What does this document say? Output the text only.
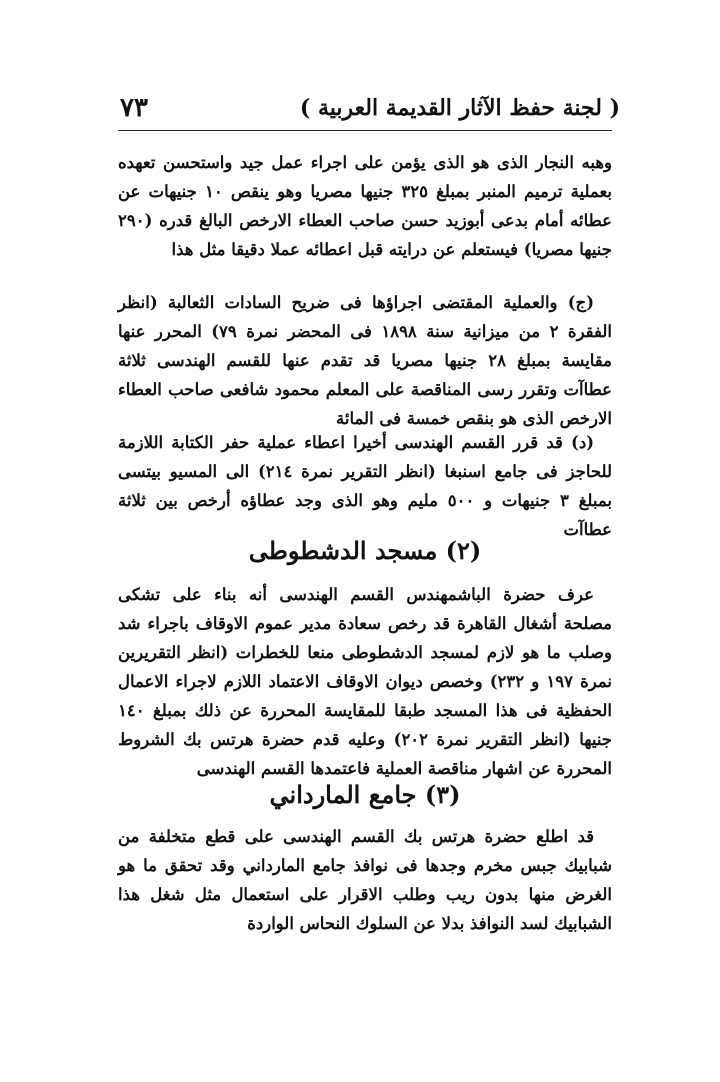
( لجنة حفظ الآثار القديمة العربية )
٧٣

وهبه النجار الذى هو الذى يؤمن على اجراء عمل جيد واستحسن تعهده بعملية ترميم المنبر بمبلغ ٣٢٥ جنيها مصريا وهو ينقص ١٠ جنيهات عن عطائه أمام بدعى أبوزيد حسن صاحب العطاء الارخص البالغ قدره (٢٩٠ جنيها مصريا) فيستعلم عن درايته قبل اعطائه عملا دقيقا مثل هذا

(ج) والعملية المقتضى اجراؤها فى ضريح السادات الثعالبة (انظر الفقرة ٢ من ميزانية سنة ١٨٩٨ فى المحضر نمرة ٧٩) المحرر عنها مقايسة بمبلغ ٢٨ جنيها مصريا قد تقدم عنها للقسم الهندسى ثلاثة عطاآت وتقرر رسى المناقصة على المعلم محمود شافعى صاحب العطاء الارخص الذى هو بنقص خمسة فى المائة

(د) قد قرر القسم الهندسى أخيرا اعطاء عملية حفر الكتابة اللازمة للحاجز فى جامع اسنبغا (انظر التقرير نمرة ٢١٤) الى المسيو بيتسى بمبلغ ٣ جنيهات و ٥٠٠ مليم وهو الذى وجد عطاؤه أرخص بين ثلاثة عطاآت

(٢) مسجد الدشطوطى

عرف حضرة الباشمهندس القسم الهندسى أنه بناء على تشكى مصلحة أشغال القاهرة قد رخص سعادة مدير عموم الاوقاف باجراء شد وصلب ما هو لازم لمسجد الدشطوطى منعا للخطرات (انظر التقريرين نمرة ١٩٧ و ٢٣٢) وخصص ديوان الاوقاف الاعتماد اللازم لاجراء الاعمال الحفظية فى هذا المسجد طبقا للمقايسة المحررة عن ذلك بمبلغ ١٤٠ جنيها (انظر التقرير نمرة ٢٠٢) وعليه قدم حضرة هرتس بك الشروط المحررة عن اشهار مناقصة العملية فاعتمدها القسم الهندسى

(٣) جامع المارداني

قد اطلع حضرة هرتس بك القسم الهندسى على قطع متخلفة من شبابيك جبس مخرم وجدها فى نوافذ جامع المارداني وقد تحقق ما هو الغرض منها بدون ريب وطلب الاقرار على استعمال مثل شغل هذا الشبابيك لسد النوافذ بدلا عن السلوك النحاس الواردة
